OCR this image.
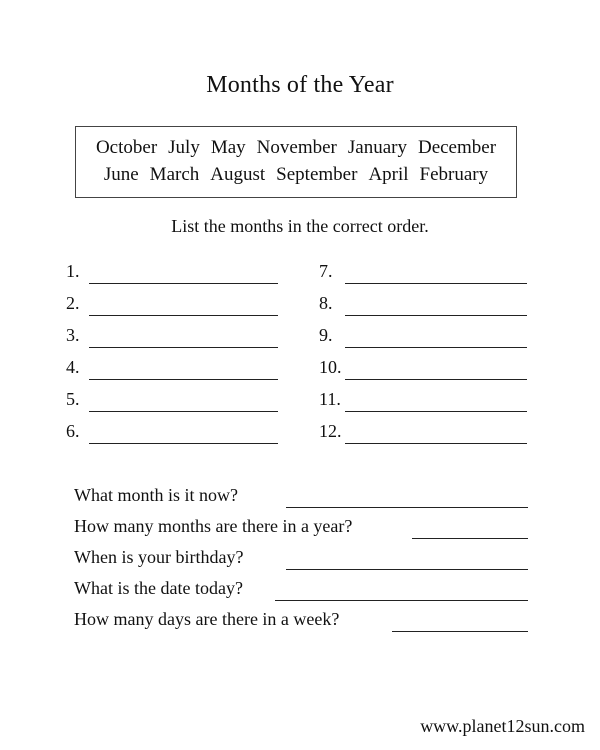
Months of the Year
October July May November January December
June March August September April February
List the months in the correct order.
1.
2.
3.
4.
5.
6.
7.
8.
9.
10.
11.
12.
What month is it now?
How many months are there in a year?
When is your birthday?
What is the date today?
How many days are there in a week?
www.planet12sun.com
